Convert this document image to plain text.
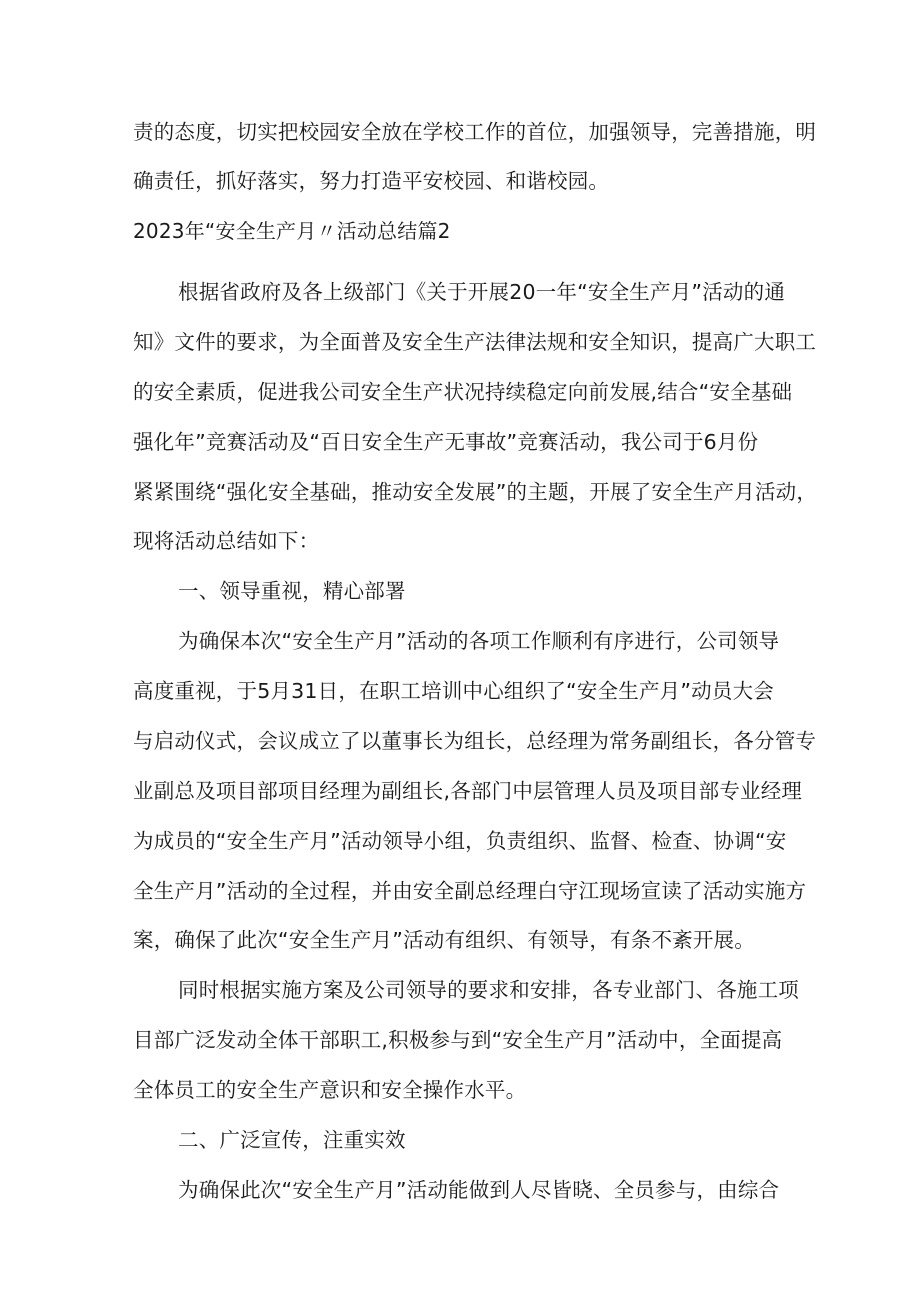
责的态度，切实把校园安全放在学校工作的首位，加强领导，完善措施，明
确责任，抓好落实，努力打造平安校园、和谐校园。
2023年“安全生产月〃活动总结篇2
根据省政府及各上级部门《关于开展20一年“安全生产月”活动的通
知》文件的要求，为全面普及安全生产法律法规和安全知识，提高广大职工
的安全素质，促进我公司安全生产状况持续稳定向前发展,结合“安全基础
强化年”竞赛活动及“百日安全生产无事故”竞赛活动，我公司于6月份
紧紧围绕“强化安全基础，推动安全发展”的主题，开展了安全生产月活动，
现将活动总结如下：
一、领导重视，精心部署
为确保本次“安全生产月”活动的各项工作顺利有序进行，公司领导
高度重视，于5月31日，在职工培训中心组织了“安全生产月”动员大会
与启动仪式，会议成立了以董事长为组长，总经理为常务副组长，各分管专
业副总及项目部项目经理为副组长,各部门中层管理人员及项目部专业经理
为成员的“安全生产月”活动领导小组，负责组织、监督、检查、协调“安
全生产月”活动的全过程，并由安全副总经理白守江现场宣读了活动实施方
案，确保了此次“安全生产月”活动有组织、有领导，有条不紊开展。
同时根据实施方案及公司领导的要求和安排，各专业部门、各施工项
目部广泛发动全体干部职工,积极参与到“安全生产月”活动中，全面提高
全体员工的安全生产意识和安全操作水平。
二、广泛宣传，注重实效
为确保此次“安全生产月”活动能做到人尽皆晓、全员参与，由综合
